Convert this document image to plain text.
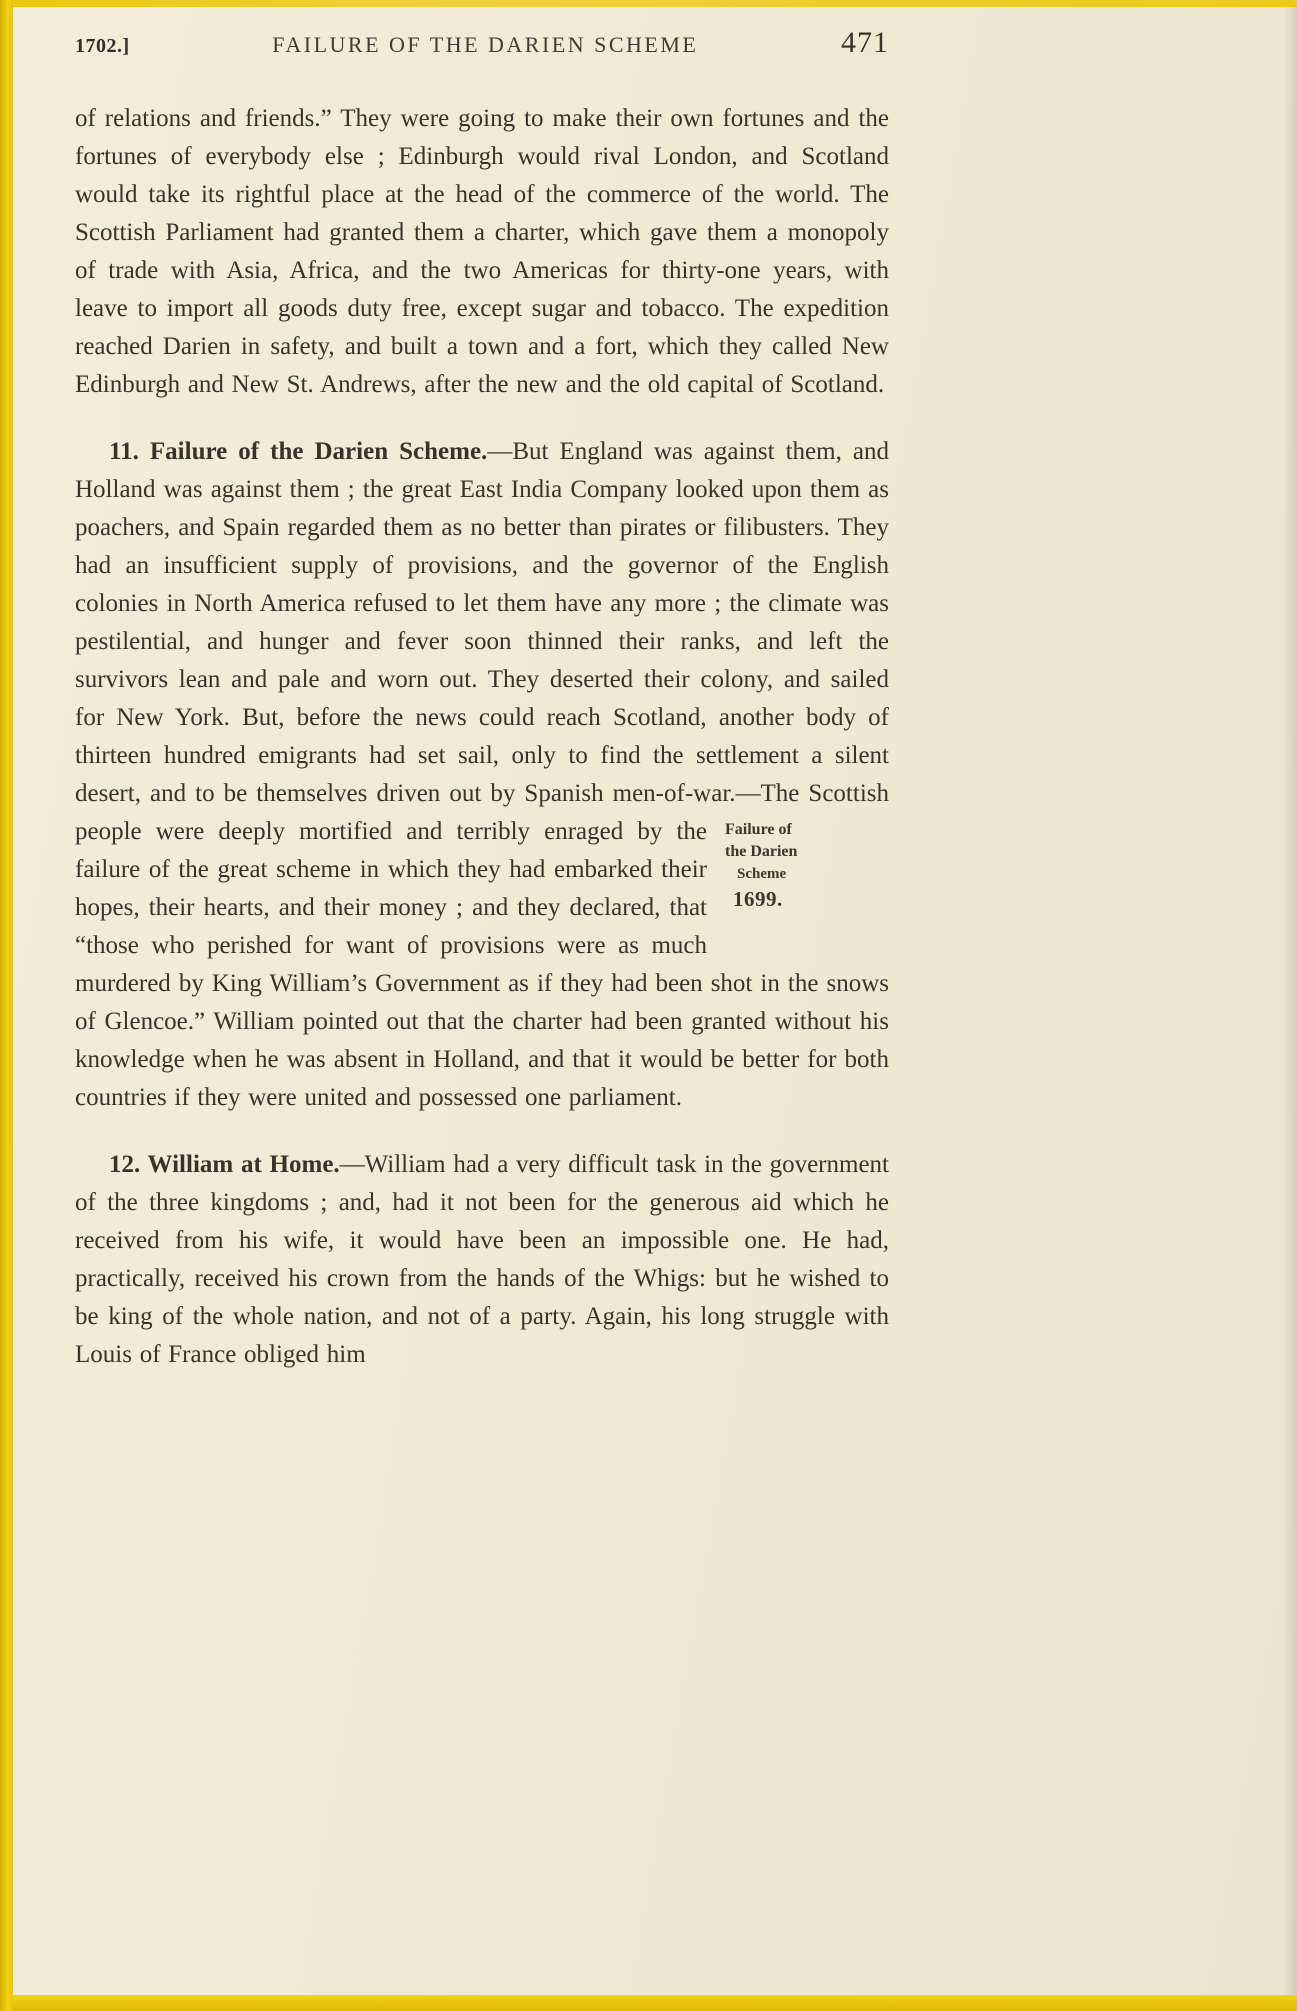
1702.]	FAILURE OF THE DARIEN SCHEME	471

of relations and friends.” They were going to make their own fortunes and the fortunes of everybody else ; Edinburgh would rival London, and Scotland would take its rightful place at the head of the commerce of the world. The Scottish Parliament had granted them a charter, which gave them a monopoly of trade with Asia, Africa, and the two Americas for thirty-one years, with leave to import all goods duty free, except sugar and tobacco. The expedition reached Darien in safety, and built a town and a fort, which they called New Edinburgh and New St. Andrews, after the new and the old capital of Scotland.

11. Failure of the Darien Scheme.—But England was against them, and Holland was against them ; the great East India Company looked upon them as poachers, and Spain regarded them as no better than pirates or filibusters. They had an insufficient supply of provisions, and the governor of the English colonies in North America refused to let them have any more ; the climate was pestilential, and hunger and fever soon thinned their ranks, and left the survivors lean and pale and worn out. They deserted their colony, and sailed for New York. But, before the news could reach Scotland, another body of thirteen hundred emigrants had set sail, only to find the settlement a silent desert, and to be themselves driven out by Spanish men-of-war.—The Scottish people were deeply	Failure of
the Darien
Scheme
1699.
mortified and terribly enraged by the failure of the great scheme in which they had embarked their hopes, their hearts, and their money ; and they declared, that “those who perished for want of provisions were as much murdered by King William’s Government as if they had been shot in the snows of Glencoe.” William pointed out that the charter had been granted without his knowledge when he was absent in Holland, and that it would be better for both countries if they were united and possessed one parliament.

12. William at Home.—William had a very difficult task in the government of the three kingdoms ; and, had it not been for the generous aid which he received from his wife, it would have been an impossible one. He had, practically, received his crown from the hands of the Whigs: but he wished to be king of the whole nation, and not of a party. Again, his long struggle with Louis of France obliged him
